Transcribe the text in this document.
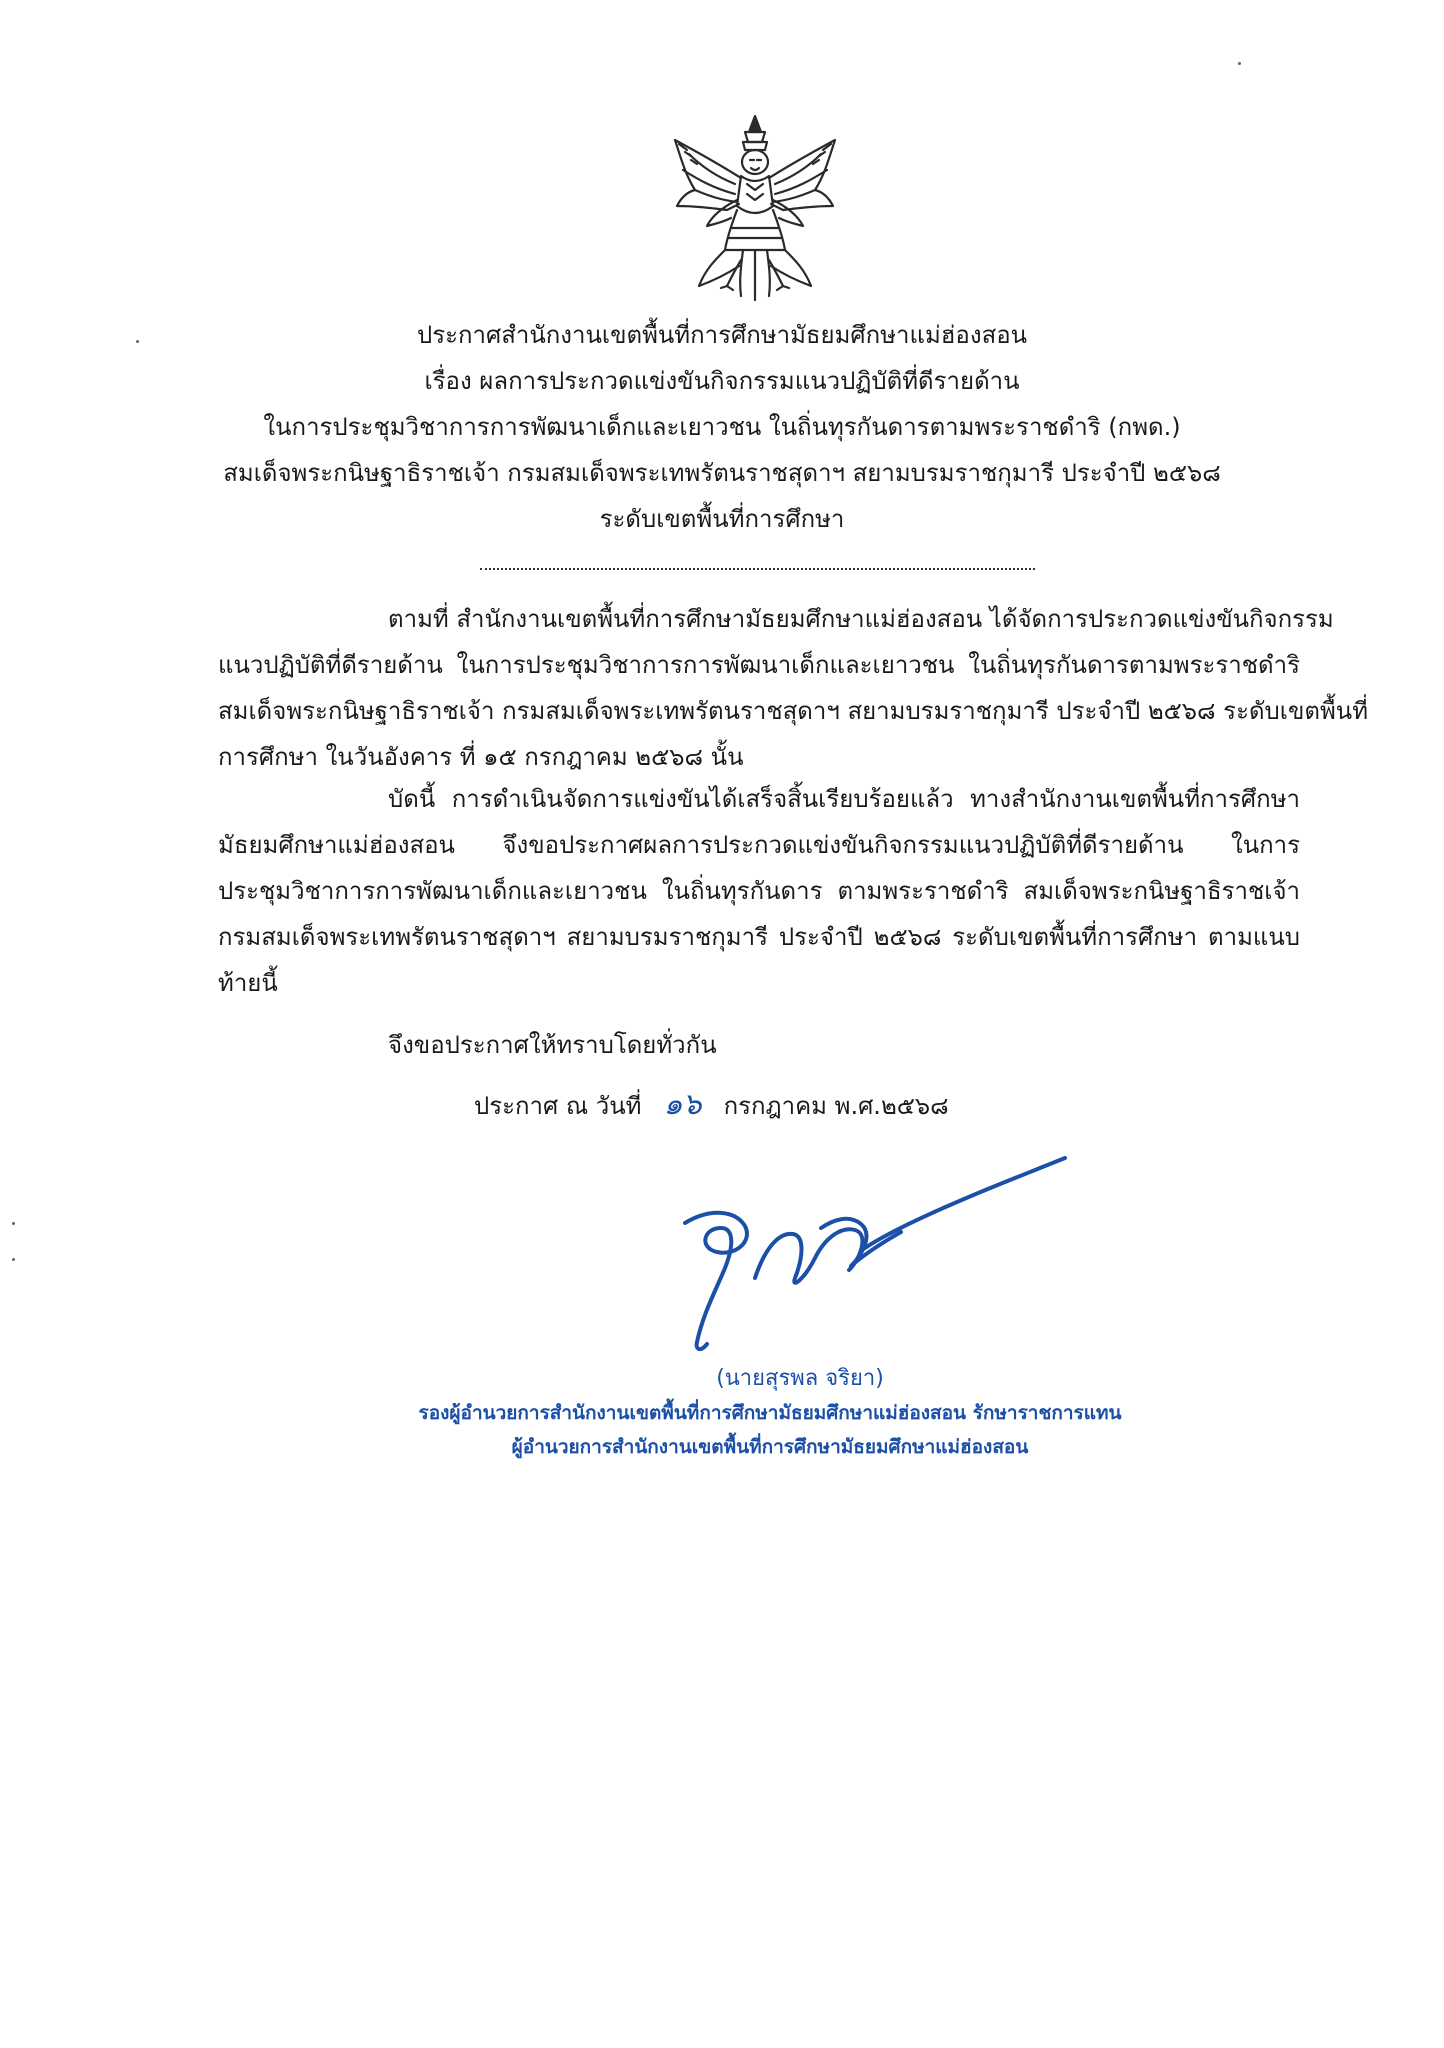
ประกาศสำนักงานเขตพื้นที่การศึกษามัธยมศึกษาแม่ฮ่องสอน
เรื่อง ผลการประกวดแข่งขันกิจกรรมแนวปฏิบัติที่ดีรายด้าน
ในการประชุมวิชาการการพัฒนาเด็กและเยาวชน ในถิ่นทุรกันดารตามพระราชดำริ (กพด.)
สมเด็จพระกนิษฐาธิราชเจ้า กรมสมเด็จพระเทพรัตนราชสุดาฯ สยามบรมราชกุมารี ประจำปี ๒๕๖๘
ระดับเขตพื้นที่การศึกษา
ตามที่ สำนักงานเขตพื้นที่การศึกษามัธยมศึกษาแม่ฮ่องสอน ได้จัดการประกวดแข่งขันกิจกรรม
แนวปฏิบัติที่ดีรายด้าน ในการประชุมวิชาการการพัฒนาเด็กและเยาวชน ในถิ่นทุรกันดารตามพระราชดำริ
สมเด็จพระกนิษฐาธิราชเจ้า กรมสมเด็จพระเทพรัตนราชสุดาฯ สยามบรมราชกุมารี ประจำปี ๒๕๖๘ ระดับเขตพื้นที่
การศึกษา ในวันอังคาร ที่ ๑๕ กรกฎาคม ๒๕๖๘ นั้น
บัดนี้ การดำเนินจัดการแข่งขันได้เสร็จสิ้นเรียบร้อยแล้ว ทางสำนักงานเขตพื้นที่การศึกษา
มัธยมศึกษาแม่ฮ่องสอน จึงขอประกาศผลการประกวดแข่งขันกิจกรรมแนวปฏิบัติที่ดีรายด้าน ในการ
ประชุมวิชาการการพัฒนาเด็กและเยาวชน ในถิ่นทุรกันดาร ตามพระราชดำริ สมเด็จพระกนิษฐาธิราชเจ้า
กรมสมเด็จพระเทพรัตนราชสุดาฯ สยามบรมราชกุมารี ประจำปี ๒๕๖๘ ระดับเขตพื้นที่การศึกษา ตามแนบ
ท้ายนี้
จึงขอประกาศให้ทราบโดยทั่วกัน
ประกาศ ณ วันที่ ๑๖ กรกฎาคม พ.ศ.๒๕๖๘
(นายสุรพล จริยา)
รองผู้อำนวยการสำนักงานเขตพื้นที่การศึกษามัธยมศึกษาแม่ฮ่องสอน รักษาราชการแทน
ผู้อำนวยการสำนักงานเขตพื้นที่การศึกษามัธยมศึกษาแม่ฮ่องสอน
